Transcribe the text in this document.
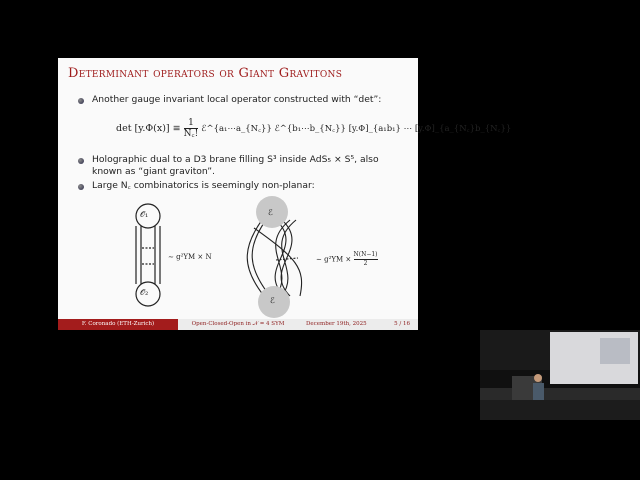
Determinant operators or Giant Gravitons
Another gauge invariant local operator constructed with “det”:
$\det [y.\Phi(x)] \equiv \frac{1}{N꜀!}$ ℰ^{a₁⋯a_{N꜀}} ℰ^{b₁⋯b_{N꜀}} [y.Φ]_{a₁b₁} ⋯ [y.Φ]_{a_{N꜀}b_{N꜀}}
Holographic dual to a D3 brane filling S³ inside AdS₅ × S⁵, also
known as “giant graviton”.
Large N꜀ combinatorics is seemingly non-planar:
𝒪₁
𝒪₂
∼ g²YM × N
ℰ
ℰ
∼ $g^2YM \times \frac{N(N-1)}{2}$
F. Coronado (ETH-Zurich)	Open-Closed-Open in 𝒩 = 4 SYM	December 19th, 2025	5 / 16
